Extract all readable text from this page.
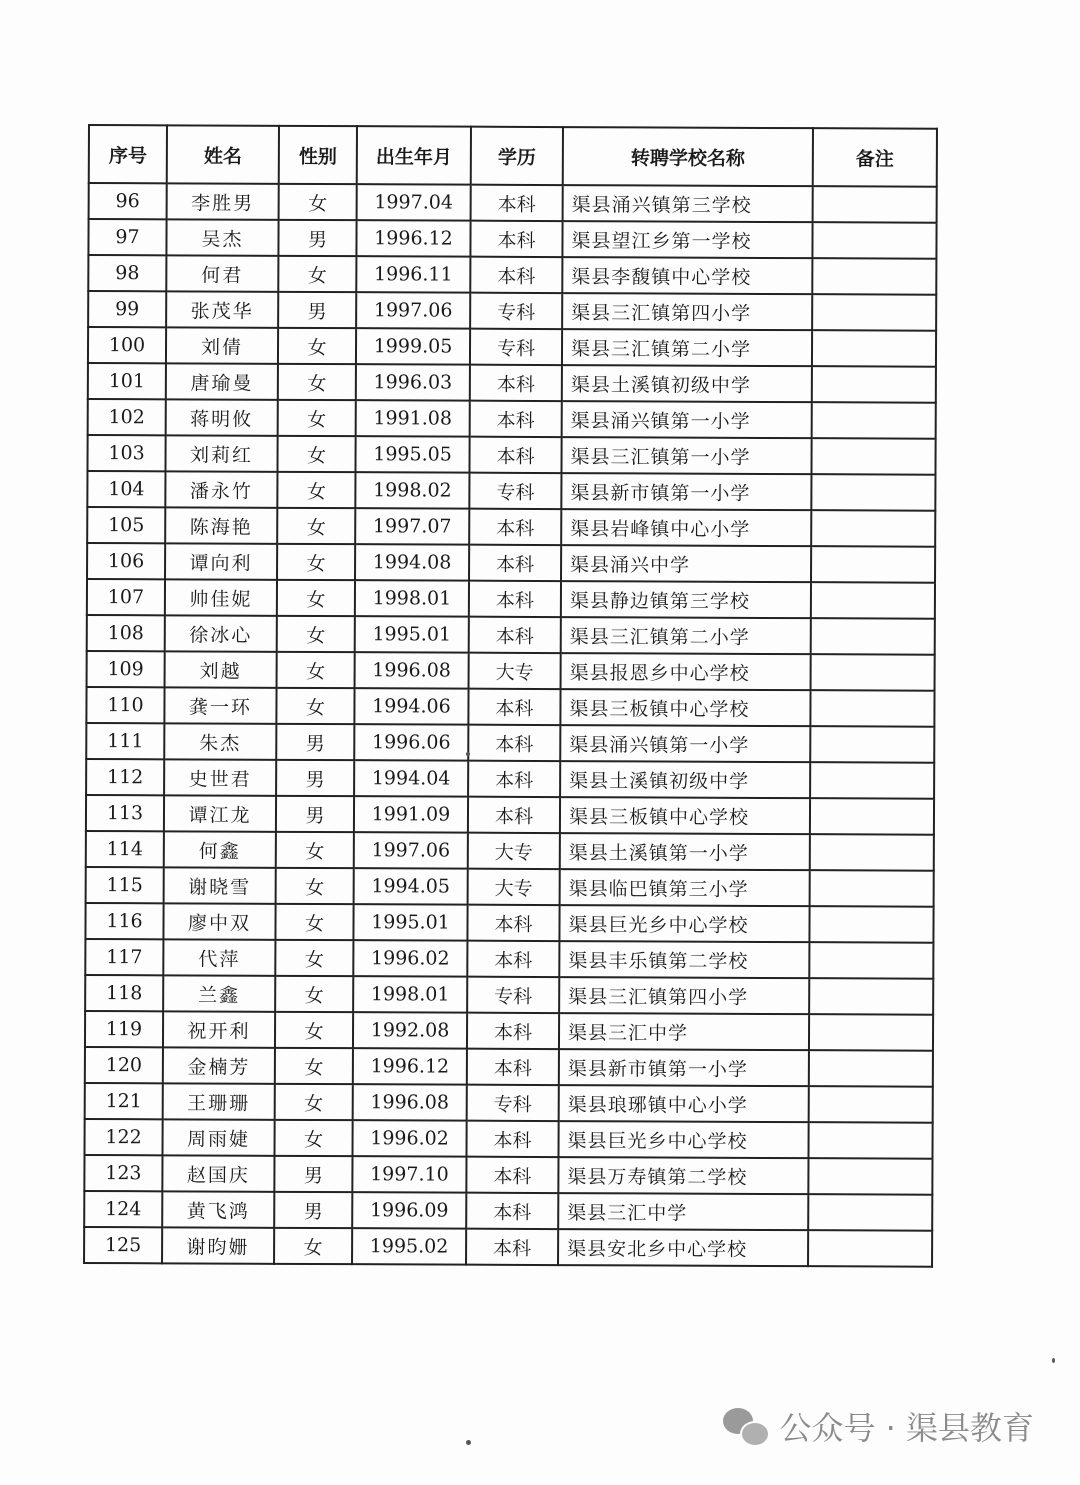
序号	姓名	性别	出生年月	学历	转聘学校名称	备注
96	李胜男	女	1997.04	本科	渠县涌兴镇第三学校	
97	吴杰	男	1996.12	本科	渠县望江乡第一学校	
98	何君	女	1996.11	本科	渠县李馥镇中心学校	
99	张茂华	男	1997.06	专科	渠县三汇镇第四小学	
100	刘倩	女	1999.05	专科	渠县三汇镇第二小学	
101	唐瑜曼	女	1996.03	本科	渠县土溪镇初级中学	
102	蒋明攸	女	1991.08	本科	渠县涌兴镇第一小学	
103	刘莉红	女	1995.05	本科	渠县三汇镇第一小学	
104	潘永竹	女	1998.02	专科	渠县新市镇第一小学	
105	陈海艳	女	1997.07	本科	渠县岩峰镇中心小学	
106	谭向利	女	1994.08	本科	渠县涌兴中学	
107	帅佳妮	女	1998.01	本科	渠县静边镇第三学校	
108	徐冰心	女	1995.01	本科	渠县三汇镇第二小学	
109	刘越	女	1996.08	大专	渠县报恩乡中心学校	
110	龚一环	女	1994.06	本科	渠县三板镇中心学校	
111	朱杰	男	1996.06	本科	渠县涌兴镇第一小学	
112	史世君	男	1994.04	本科	渠县土溪镇初级中学	
113	谭江龙	男	1991.09	本科	渠县三板镇中心学校	
114	何鑫	女	1997.06	大专	渠县土溪镇第一小学	
115	谢晓雪	女	1994.05	大专	渠县临巴镇第三小学	
116	廖中双	女	1995.01	本科	渠县巨光乡中心学校	
117	代萍	女	1996.02	本科	渠县丰乐镇第二学校	
118	兰鑫	女	1998.01	专科	渠县三汇镇第四小学	
119	祝开利	女	1992.08	本科	渠县三汇中学	
120	金楠芳	女	1996.12	本科	渠县新市镇第一小学	
121	王珊珊	女	1996.08	专科	渠县琅琊镇中心小学	
122	周雨婕	女	1996.02	本科	渠县巨光乡中心学校	
123	赵国庆	男	1997.10	本科	渠县万寿镇第二学校	
124	黄飞鸿	男	1996.09	本科	渠县三汇中学	
125	谢昀姗	女	1995.02	本科	渠县安北乡中心学校	
公众号 · 渠县教育
